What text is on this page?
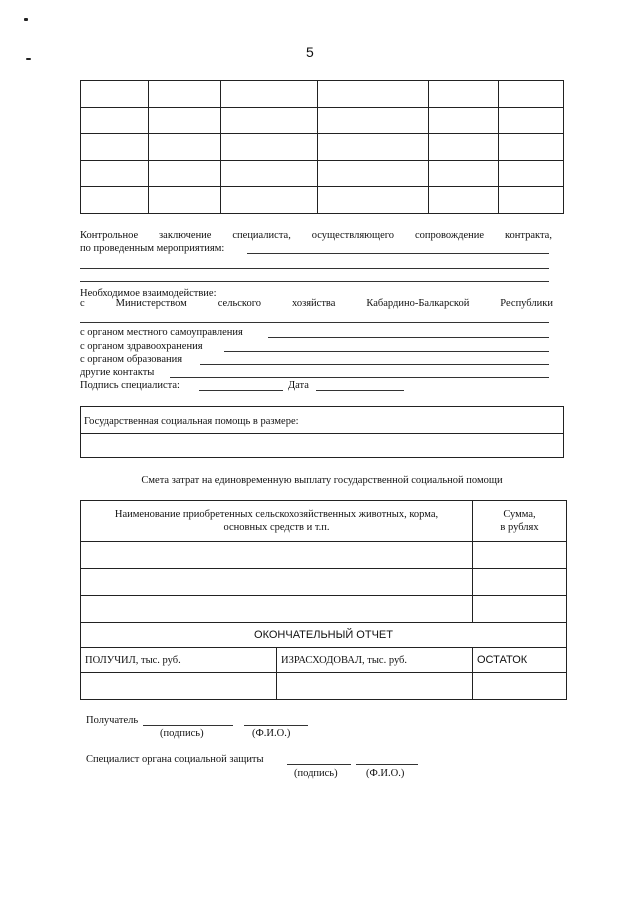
5

Контрольное заключение специалиста, осуществляющего сопровождение контракта,
по проведенным мероприятиям:
Необходимое взаимодействие:
с	Министерством	сельского	хозяйства	Кабардино-Балкарской	Республики
с органом местного самоуправления
с органом здравоохранения
с органом образования
другие контакты
Подпись специалиста:	Дата
Государственная социальная помощь в размере:
Смета затрат на единовременную выплату государственной социальной помощи
Наименование приобретенных сельскохозяйственных животных, корма,
основных средств и т.п.		Сумма,
в рублях

ОКОНЧАТЕЛЬНЫЙ ОТЧЕТ		
ПОЛУЧИЛ, тыс. руб.	ИЗРАСХОДОВАЛ, тыс. руб.	ОСТАТОК

Получатель
(подпись)	(Ф.И.О.)
Специалист органа социальной защиты
(подпись)	(Ф.И.О.)
